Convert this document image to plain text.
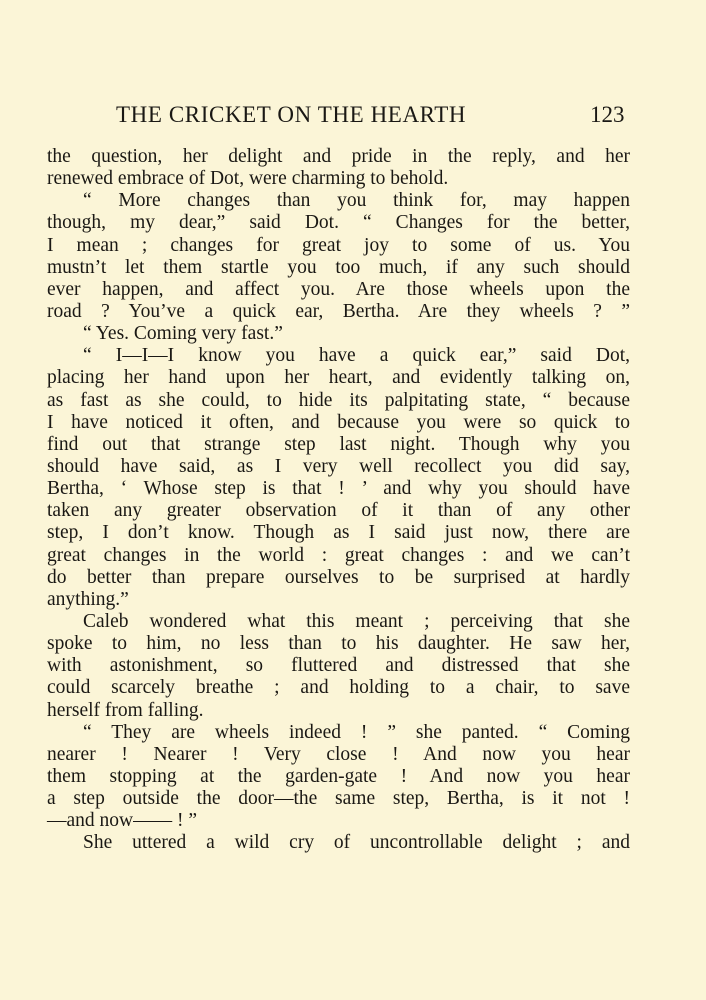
THE CRICKET ON THE HEARTH	123
the question, her delight and pride in the reply, and her
renewed embrace of Dot, were charming to behold.
“ More changes than you think for, may happen
though, my dear,” said Dot. “ Changes for the better,
I mean ; changes for great joy to some of us. You
mustn’t let them startle you too much, if any such should
ever happen, and affect you. Are those wheels upon the
road ? You’ve a quick ear, Bertha. Are they wheels ? ”
“ Yes. Coming very fast.”
“ I—I—I know you have a quick ear,” said Dot,
placing her hand upon her heart, and evidently talking on,
as fast as she could, to hide its palpitating state, “ because
I have noticed it often, and because you were so quick to
find out that strange step last night. Though why you
should have said, as I very well recollect you did say,
Bertha, ‘ Whose step is that ! ’ and why you should have
taken any greater observation of it than of any other
step, I don’t know. Though as I said just now, there are
great changes in the world : great changes : and we can’t
do better than prepare ourselves to be surprised at hardly
anything.”
Caleb wondered what this meant ; perceiving that she
spoke to him, no less than to his daughter. He saw her,
with astonishment, so fluttered and distressed that she
could scarcely breathe ; and holding to a chair, to save
herself from falling.
“ They are wheels indeed ! ” she panted. “ Coming
nearer ! Nearer ! Very close ! And now you hear
them stopping at the garden-gate ! And now you hear
a step outside the door—the same step, Bertha, is it not !
—and now—— ! ”
She uttered a wild cry of uncontrollable delight ; and
